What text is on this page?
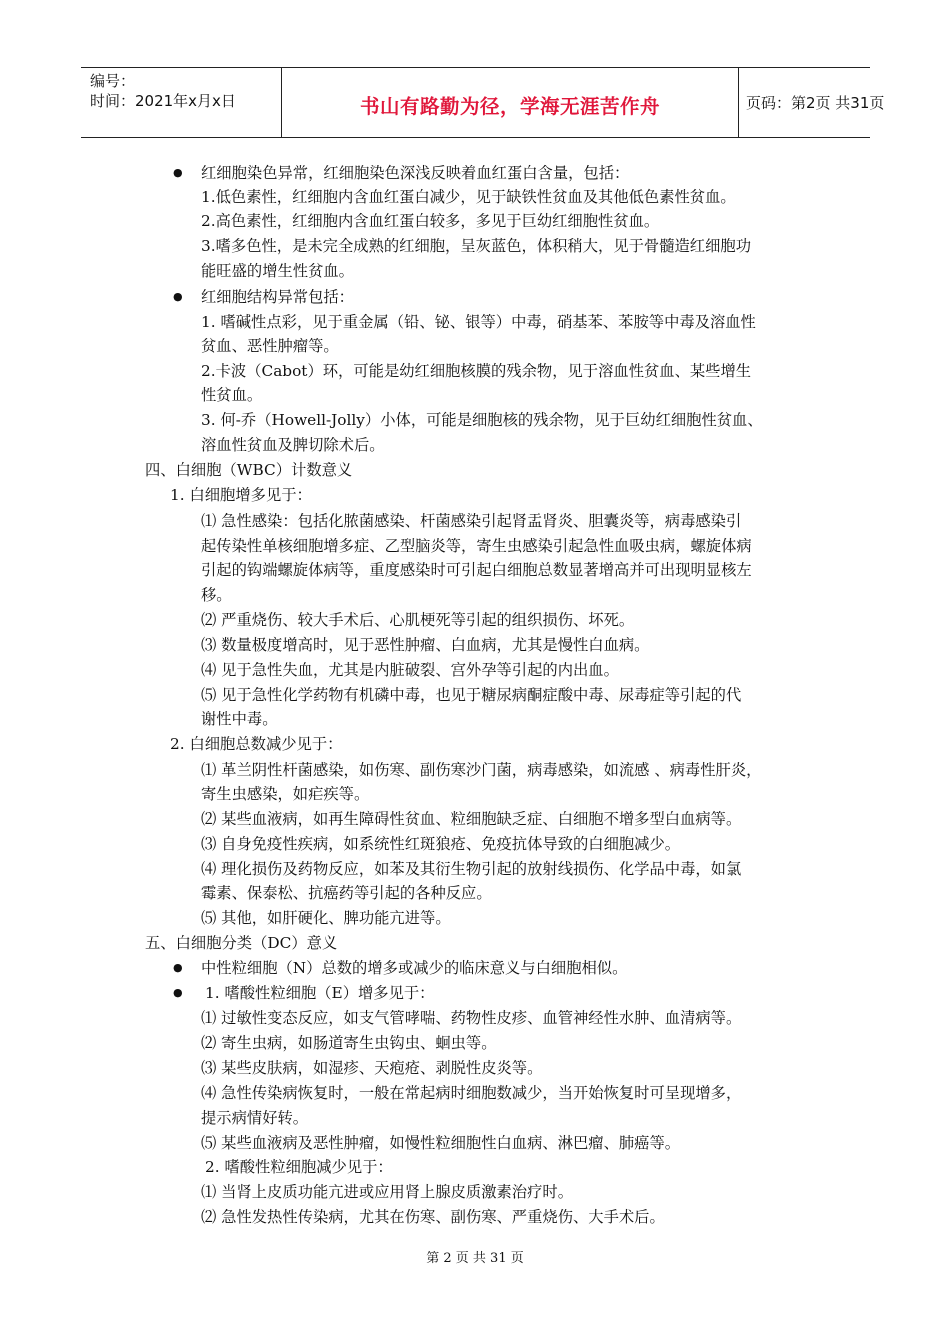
编号：
时间：2021年x月x日	书山有路勤为径，学海无涯苦作舟	页码：第2页 共31页
● 红细胞染色异常，红细胞染色深浅反映着血红蛋白含量，包括：
1.低色素性，红细胞内含血红蛋白减少，见于缺铁性贫血及其他低色素性贫血。
2.高色素性，红细胞内含血红蛋白较多，多见于巨幼红细胞性贫血。
3.嗜多色性，是未完全成熟的红细胞，呈灰蓝色，体积稍大，见于骨髓造红细胞功
能旺盛的增生性贫血。
● 红细胞结构异常包括：
1. 嗜碱性点彩，见于重金属（铅、铋、银等）中毒，硝基苯、苯胺等中毒及溶血性
贫血、恶性肿瘤等。
2.卡波（Cabot）环，可能是幼红细胞核膜的残余物，见于溶血性贫血、某些增生
性贫血。
3. 何-乔（Howell-Jolly）小体，可能是细胞核的残余物，见于巨幼红细胞性贫血、
溶血性贫血及脾切除术后。
四、白细胞（WBC）计数意义
1. 白细胞增多见于：
⑴ 急性感染：包括化脓菌感染、杆菌感染引起肾盂肾炎、胆囊炎等，病毒感染引
起传染性单核细胞增多症、乙型脑炎等，寄生虫感染引起急性血吸虫病，螺旋体病
引起的钩端螺旋体病等，重度感染时可引起白细胞总数显著增高并可出现明显核左
移。
⑵ 严重烧伤、较大手术后、心肌梗死等引起的组织损伤、坏死。
⑶ 数量极度增高时，见于恶性肿瘤、白血病，尤其是慢性白血病。
⑷ 见于急性失血，尤其是内脏破裂、宫外孕等引起的内出血。
⑸ 见于急性化学药物有机磷中毒，也见于糖尿病酮症酸中毒、尿毒症等引起的代
谢性中毒。
2. 白细胞总数减少见于：
⑴ 革兰阴性杆菌感染，如伤寒、副伤寒沙门菌，病毒感染，如流感 、病毒性肝炎，
寄生虫感染，如疟疾等。
⑵ 某些血液病，如再生障碍性贫血、粒细胞缺乏症、白细胞不增多型白血病等。
⑶ 自身免疫性疾病，如系统性红斑狼疮、免疫抗体导致的白细胞减少。
⑷ 理化损伤及药物反应，如苯及其衍生物引起的放射线损伤、化学品中毒，如氯
霉素、保泰松、抗癌药等引起的各种反应。
⑸ 其他，如肝硬化、脾功能亢进等。
五、白细胞分类（DC）意义
● 中性粒细胞（N）总数的增多或减少的临床意义与白细胞相似。
● 1. 嗜酸性粒细胞（E）增多见于：
⑴ 过敏性变态反应，如支气管哮喘、药物性皮疹、血管神经性水肿、血清病等。
⑵ 寄生虫病，如肠道寄生虫钩虫、蛔虫等。
⑶ 某些皮肤病，如湿疹、天疱疮、剥脱性皮炎等。
⑷ 急性传染病恢复时，一般在常起病时细胞数减少，当开始恢复时可呈现增多，
提示病情好转。
⑸ 某些血液病及恶性肿瘤，如慢性粒细胞性白血病、淋巴瘤、肺癌等。
2. 嗜酸性粒细胞减少见于：
⑴ 当肾上皮质功能亢进或应用肾上腺皮质激素治疗时。
⑵ 急性发热性传染病，尤其在伤寒、副伤寒、严重烧伤、大手术后。
第 2 页 共 31 页
